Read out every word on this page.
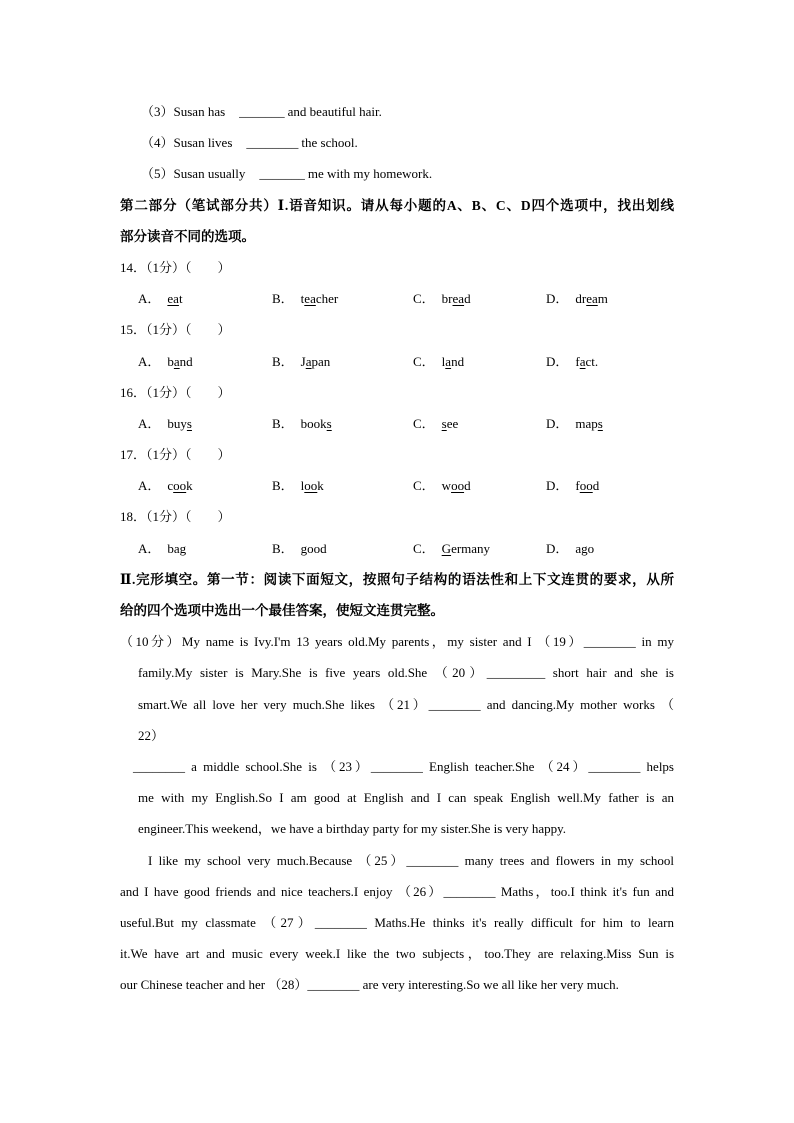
（3）Susan has _______ and beautiful hair.
（4）Susan lives ________ the school.
（5）Susan usually _______ me with my homework.
第二部分（笔试部分共）Ⅰ.语音知识。请从每小题的A、B、C、D四个选项中，找出划线
部分读音不同的选项。
14．（1分）（　　）
A． eat	B． teacher	C． bread	D． dream
15．（1分）（　　）
A． band	B． Japan	C． land	D． fact.
16．（1分）（　　）
A． buys	B． books	C． see	D． maps
17．（1分）（　　）
A． cook	B． look	C． wood	D． food
18．（1分）（　　）
A． bag	B． good	C． Germany	D． ago
Ⅱ.完形填空。第一节：阅读下面短文，按照句子结构的语法性和上下文连贯的要求，从所
给的四个选项中选出一个最佳答案，使短文连贯完整。
（10分）My name is Ivy.I'm 13 years old.My parents，my sister and I （19）________ in my
family.My sister is Mary.She is five years old.She （20）_________ short hair and she is
smart.We all love her very much.She likes （21）________ and dancing.My mother works （
22）
________ a middle school.She is （23）________ English teacher.She （24）________ helps
me with my English.So I am good at English and I can speak English well.My father is an
engineer.This weekend，we have a birthday party for my sister.She is very happy.
I like my school very much.Because （25）________ many trees and flowers in my school
and I have good friends and nice teachers.I enjoy （26）________ Maths，too.I think it's fun and
useful.But my classmate （27）________ Maths.He thinks it's really difficult for him to learn
it.We have art and music every week.I like the two subjects，too.They are relaxing.Miss Sun is
our Chinese teacher and her （28）________ are very interesting.So we all like her very much.
